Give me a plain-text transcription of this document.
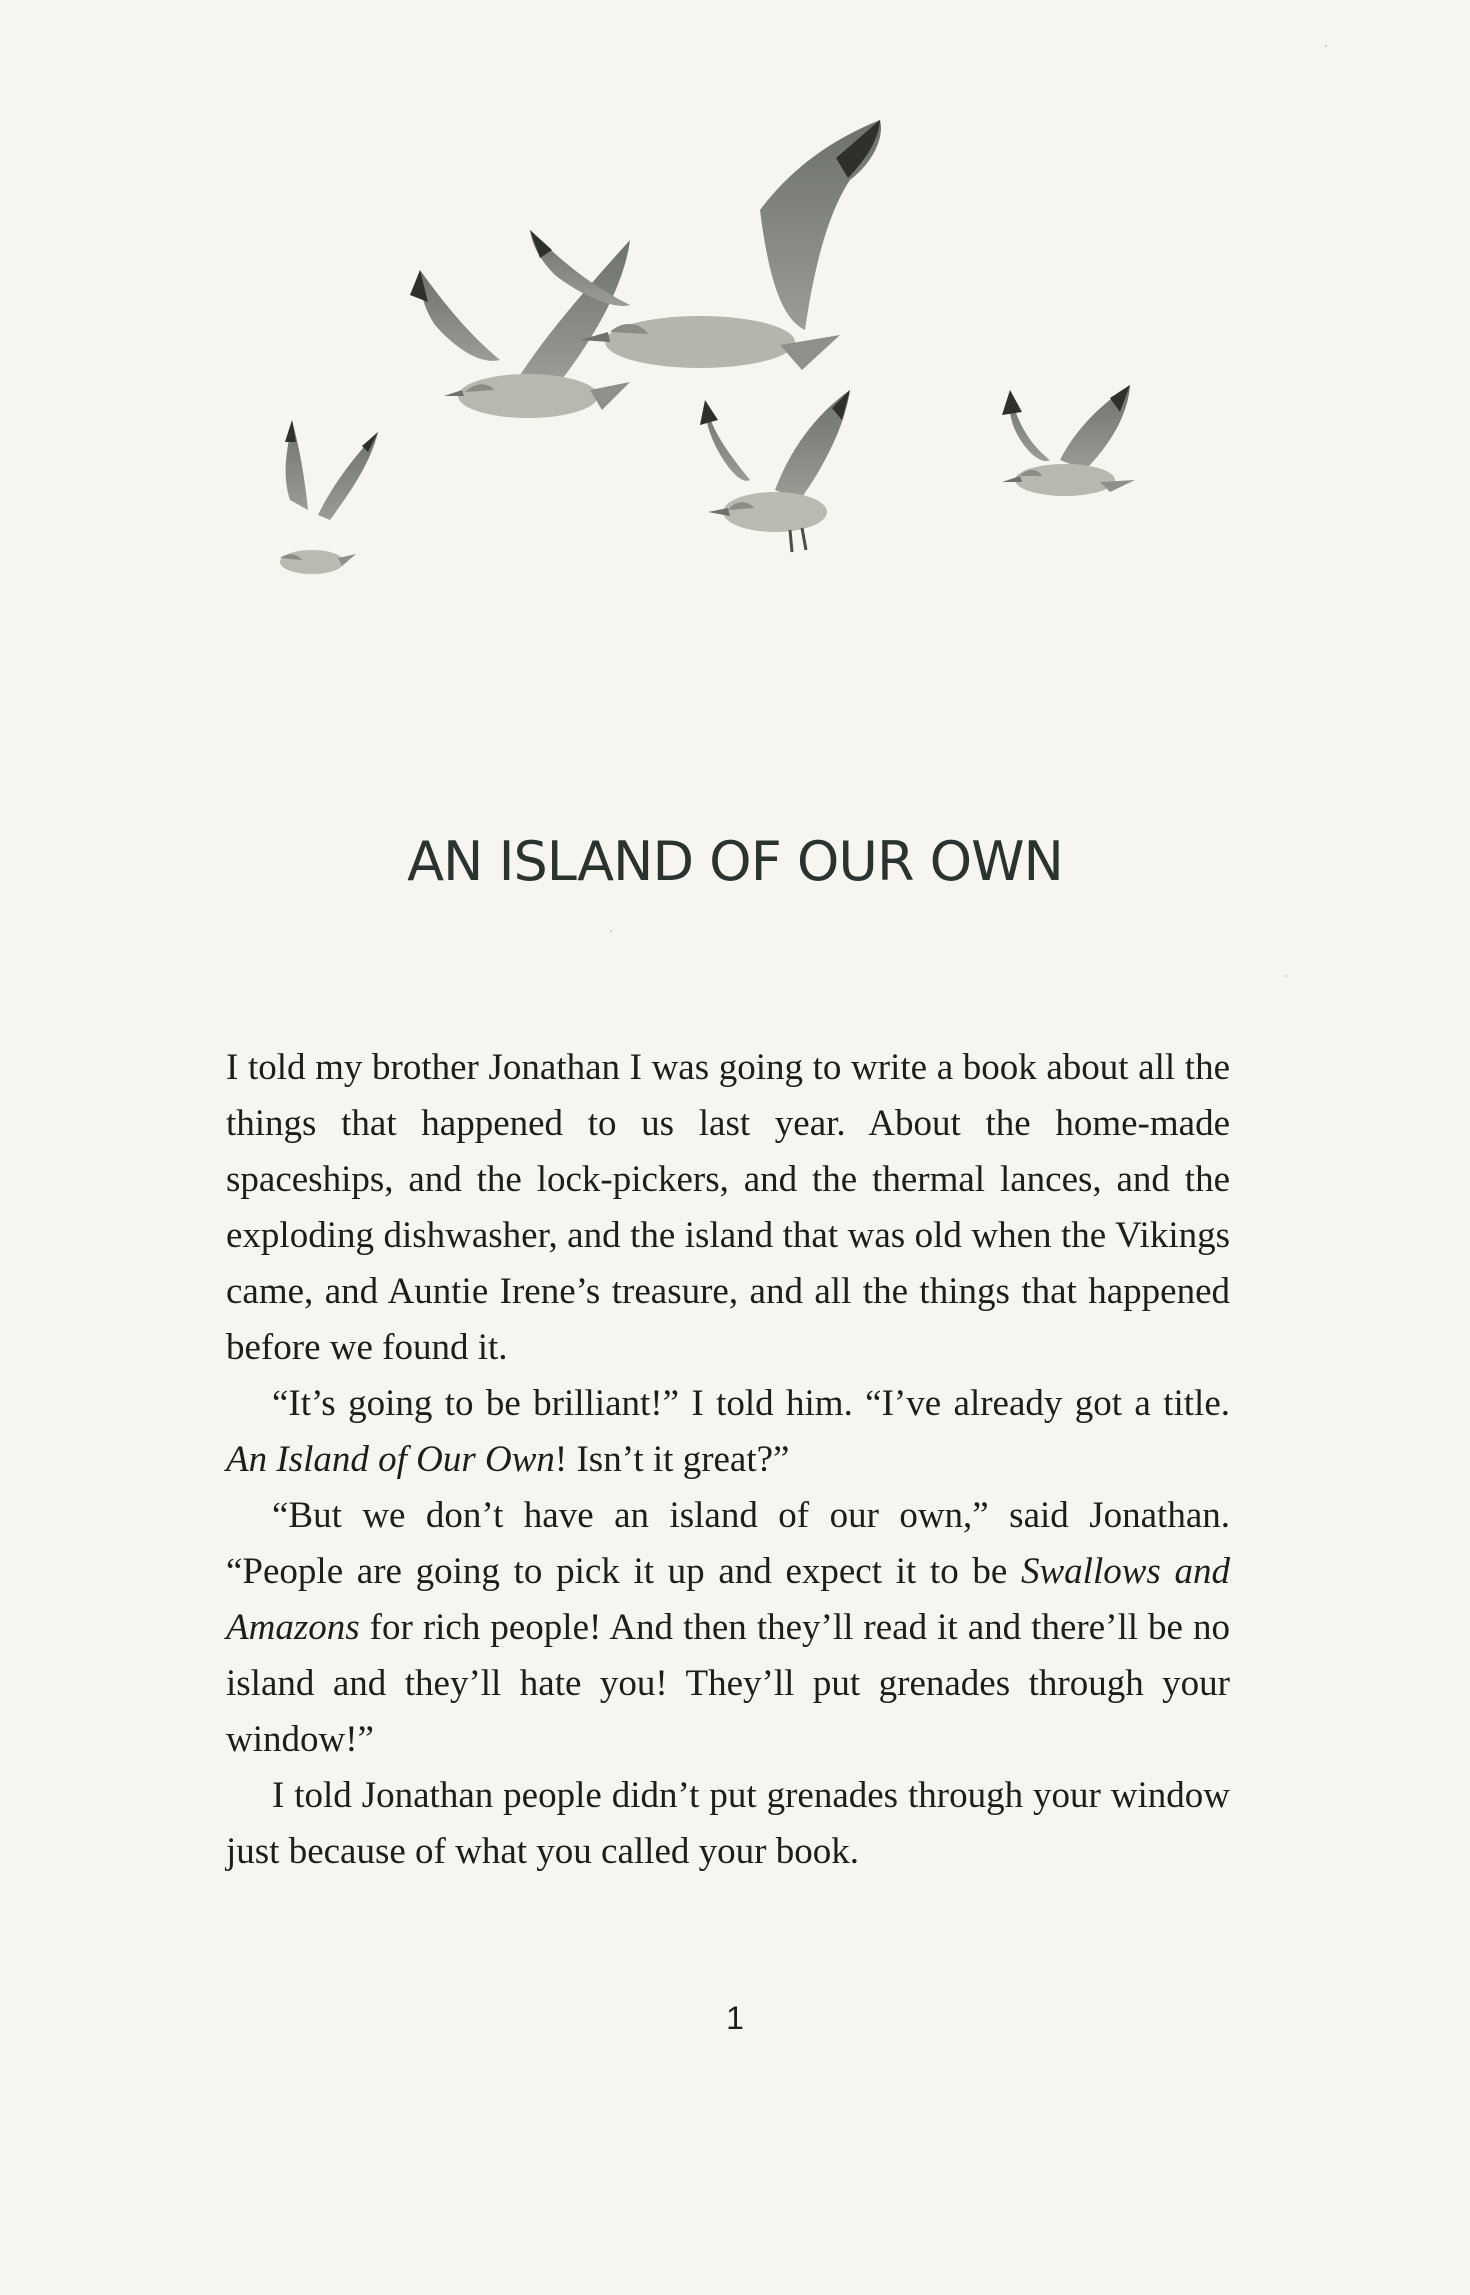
AN ISLAND OF OUR OWN

I told my brother Jonathan I was going to write a book about all the things that happened to us last year. About the home-made spaceships, and the lock-pickers, and the thermal lances, and the exploding dishwasher, and the island that was old when the Vikings came, and Auntie Irene’s treasure, and all the things that happened before we found it.

“It’s going to be brilliant!” I told him. “I’ve already got a title. An Island of Our Own! Isn’t it great?”

“But we don’t have an island of our own,” said Jonathan. “People are going to pick it up and expect it to be Swallows and Amazons for rich people! And then they’ll read it and there’ll be no island and they’ll hate you! They’ll put grenades through your window!”

I told Jonathan people didn’t put grenades through your window just because of what you called your book.

1
